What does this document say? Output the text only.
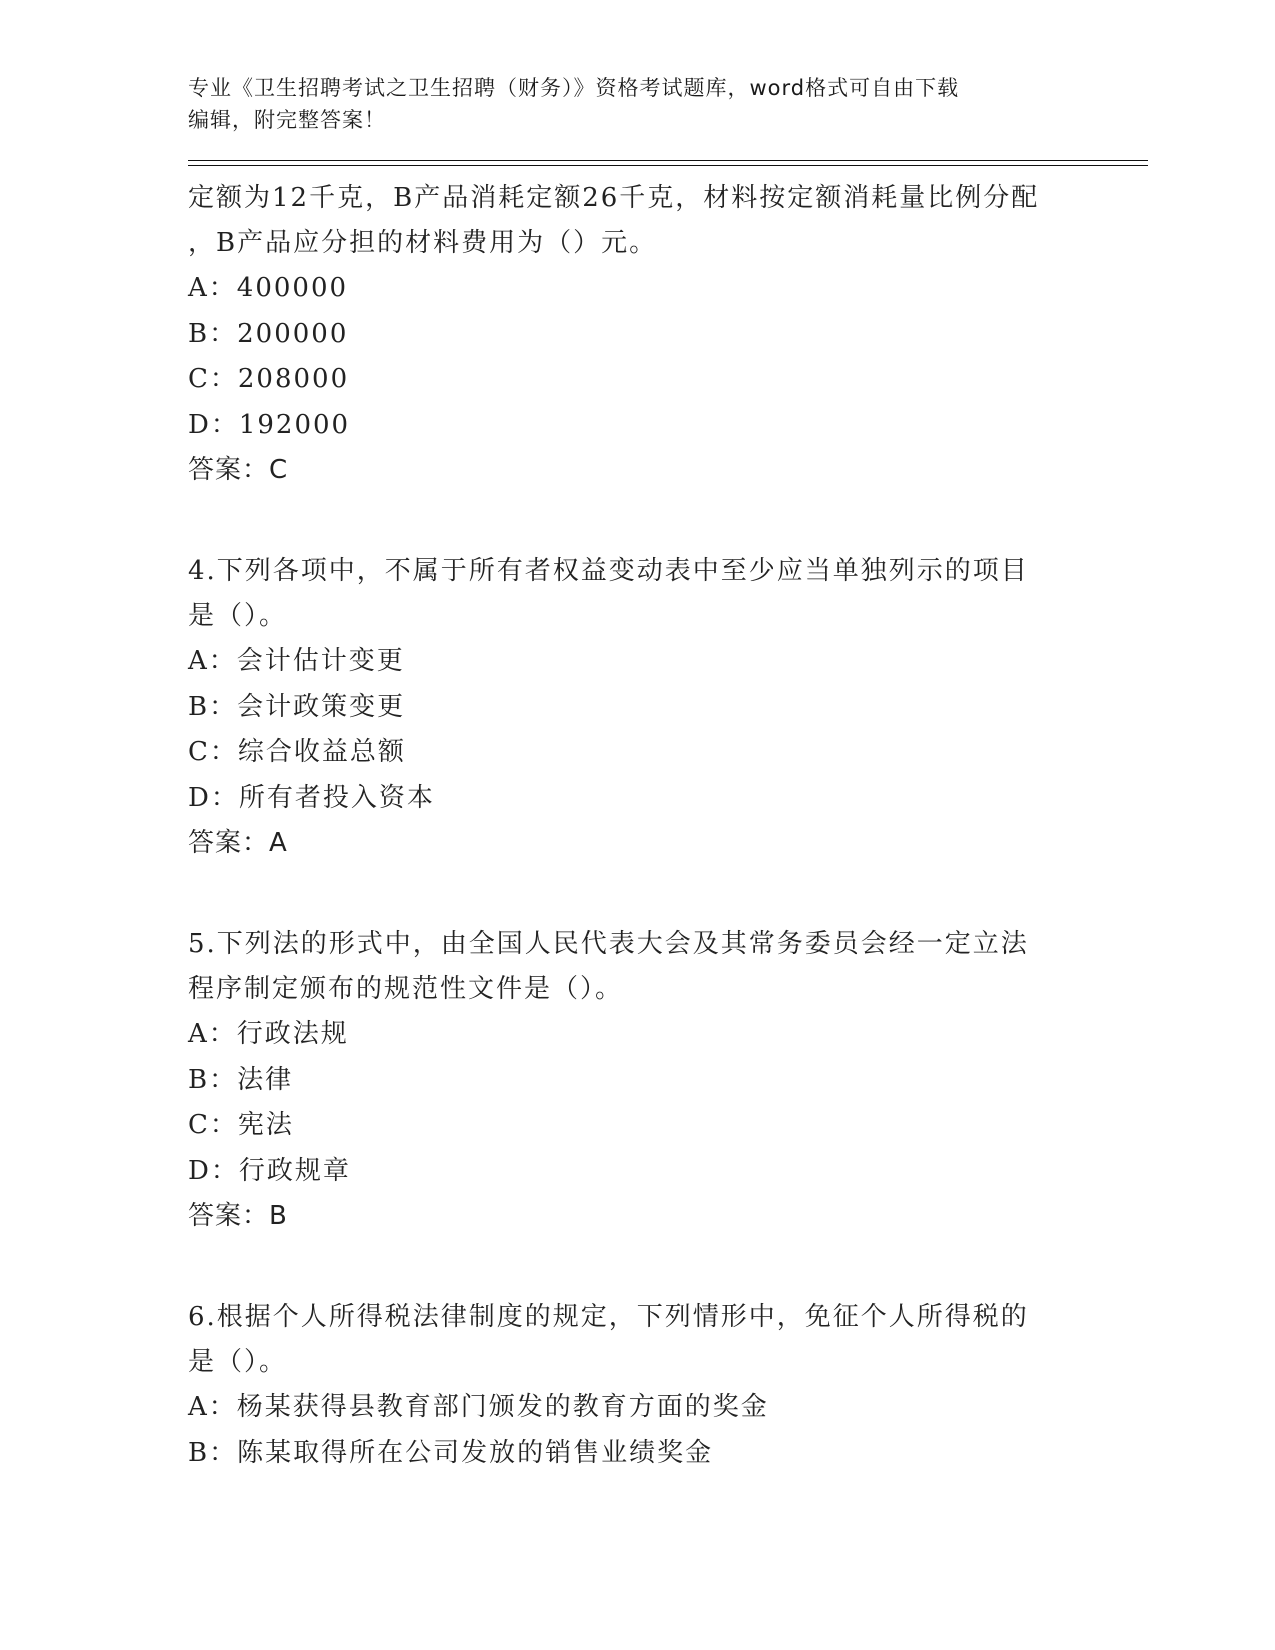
专业《卫生招聘考试之卫生招聘（财务）》资格考试题库，word格式可自由下载
编辑，附完整答案！

定额为12千克，B产品消耗定额26千克，材料按定额消耗量比例分配

，B产品应分担的材料费用为（）元。

A：400000

B：200000

C：208000

D：192000

答案：C

4.下列各项中，不属于所有者权益变动表中至少应当单独列示的项目

是（）。

A：会计估计变更

B：会计政策变更

C：综合收益总额

D：所有者投入资本

答案：A

5.下列法的形式中，由全国人民代表大会及其常务委员会经一定立法

程序制定颁布的规范性文件是（）。

A：行政法规

B：法律

C：宪法

D：行政规章

答案：B

6.根据个人所得税法律制度的规定，下列情形中，免征个人所得税的

是（）。

A：杨某获得县教育部门颁发的教育方面的奖金

B：陈某取得所在公司发放的销售业绩奖金
